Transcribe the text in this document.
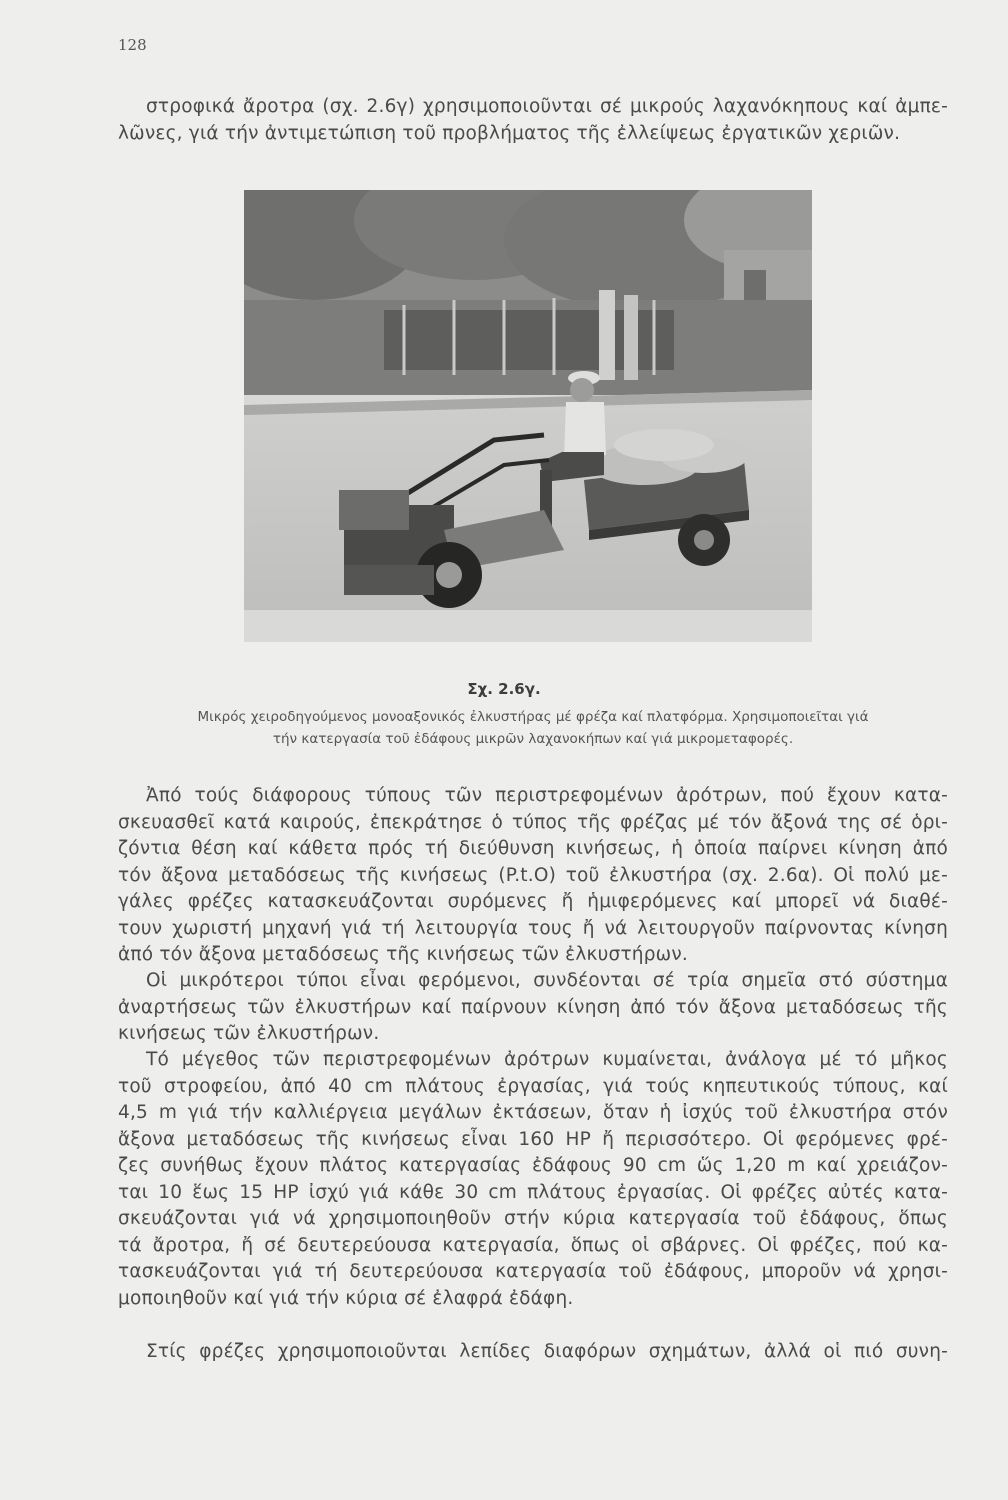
128

στροφικά ἄροτρα (σχ. 2.6γ) χρησιμοποιοῦνται σέ μικρούς λαχανόκηπους καί ἀμπε-
λῶνες, γιά τήν ἀντιμετώπιση τοῦ προβλήματος τῆς ἐλλείψεως ἐργατικῶν χεριῶν.

Σχ. 2.6γ.
Μικρός χειροδηγούμενος μονοαξονικός ἐλκυστήρας μέ φρέζα καί πλατφόρμα. Χρησιμοποιεῖται γιά
τήν κατεργασία τοῦ ἐδάφους μικρῶν λαχανοκήπων καί γιά μικρομεταφορές.

Ἀπό τούς διάφορους τύπους τῶν περιστρεφομένων ἀρότρων, πού ἔχουν κατα-
σκευασθεῖ κατά καιρούς, ἐπεκράτησε ὁ τύπος τῆς φρέζας μέ τόν ἄξονά της σέ ὁρι-
ζόντια θέση καί κάθετα πρός τή διεύθυνση κινήσεως, ἡ ὁποία παίρνει κίνηση ἀπό
τόν ἄξονα μεταδόσεως τῆς κινήσεως (P.t.O) τοῦ ἐλκυστήρα (σχ. 2.6α). Οἱ πολύ με-
γάλες φρέζες κατασκευάζονται συρόμενες ἤ ἡμιφερόμενες καί μπορεῖ νά διαθέ-
τουν χωριστή μηχανή γιά τή λειτουργία τους ἤ νά λειτουργοῦν παίρνοντας κίνηση
ἀπό τόν ἄξονα μεταδόσεως τῆς κινήσεως τῶν ἐλκυστήρων.

Οἱ μικρότεροι τύποι εἶναι φερόμενοι, συνδέονται σέ τρία σημεῖα στό σύστημα
ἀναρτήσεως τῶν ἐλκυστήρων καί παίρνουν κίνηση ἀπό τόν ἄξονα μεταδόσεως τῆς
κινήσεως τῶν ἐλκυστήρων.

Τό μέγεθος τῶν περιστρεφομένων ἀρότρων κυμαίνεται, ἀνάλογα μέ τό μῆκος
τοῦ στροφείου, ἀπό 40 cm πλάτους ἐργασίας, γιά τούς κηπευτικούς τύπους, καί
4,5 m γιά τήν καλλιέργεια μεγάλων ἐκτάσεων, ὅταν ἡ ἰσχύς τοῦ ἐλκυστήρα στόν
ἄξονα μεταδόσεως τῆς κινήσεως εἶναι 160 HP ἤ περισσότερο. Οἱ φερόμενες φρέ-
ζες συνήθως ἔχουν πλάτος κατεργασίας ἐδάφους 90 cm ὥς 1,20 m καί χρειάζον-
ται 10 ἕως 15 HP ἰσχύ γιά κάθε 30 cm πλάτους ἐργασίας. Οἱ φρέζες αὐτές κατα-
σκευάζονται γιά νά χρησιμοποιηθοῦν στήν κύρια κατεργασία τοῦ ἐδάφους, ὅπως
τά ἄροτρα, ἤ σέ δευτερεύουσα κατεργασία, ὅπως οἱ σβάρνες. Οἱ φρέζες, πού κα-
τασκευάζονται γιά τή δευτερεύουσα κατεργασία τοῦ ἐδάφους, μποροῦν νά χρησι-
μοποιηθοῦν καί γιά τήν κύρια σέ ἐλαφρά ἐδάφη.

Στίς φρέζες χρησιμοποιοῦνται λεπίδες διαφόρων σχημάτων, ἀλλά οἱ πιό συνη-
